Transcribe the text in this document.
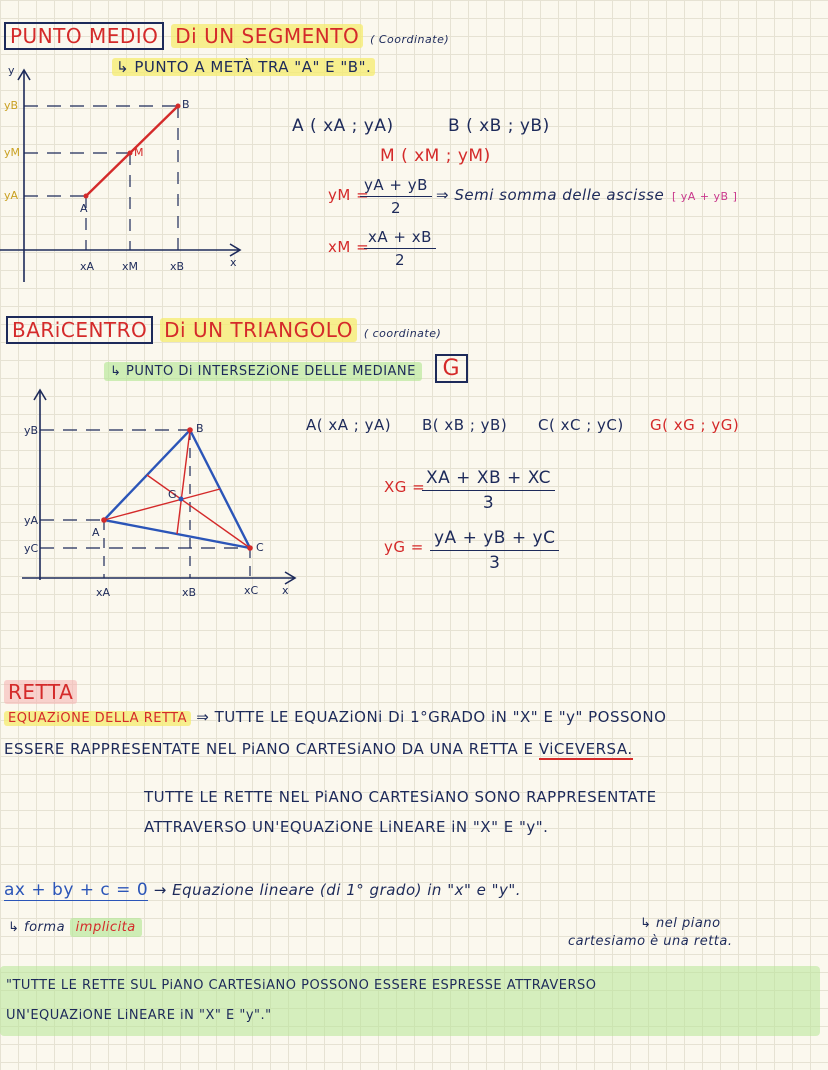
PUNTO MEDIO Di UN SEGMENTO ( Coordinate)
↳ PUNTO A METÀ TRA "A" E "B".
y
x
yB
yM
yA
A
M
B
xA	xM	xB
A ( xA ; yA)	B ( xB ; yB)
M ( xM ; yM)
yM =
$\frac{yA + yB}{2}$ ⇒ Semi somma delle ascisse [ yA + yB ]
xM =
$\frac{xA + xB}{2}$
BARiCENTRO Di UN TRIANGOLO ( coordinate)
↳ PUNTO Di INTERSEZiONE DELLE MEDIANE G
yB
yA
yC
A
B
C
G
xA	xB	xC x
A( xA ; yA) B( xB ; yB) C( xC ; yC) G( xG ; yG)
XG =
$\frac{XA + XB + XC}{3}$
yG = $\frac{yA + yB + yC}{3}$
RETTA
EQUAZiONE DELLA RETTA ⇒ TUTTE LE EQUAZiONi Di 1°GRADO iN "X" E "y" POSSONO
ESSERE RAPPRESENTATE NEL PiANO CARTESiANO DA UNA RETTA E ViCEVERSA.
TUTTE LE RETTE NEL PiANO CARTESiANO SONO RAPPRESENTATE
ATTRAVERSO UN'EQUAZiONE LiNEARE iN "X" E "y".
ax + by + c = 0 → Equazione lineare (di 1° grado) in "x" e "y".
↳ forma implicita	↳ nel piano
cartesiamo è una retta.
"TUTTE LE RETTE SUL PiANO CARTESiANO POSSONO ESSERE ESPRESSE ATTRAVERSO
UN'EQUAZiONE LiNEARE iN "X" E "y"."
